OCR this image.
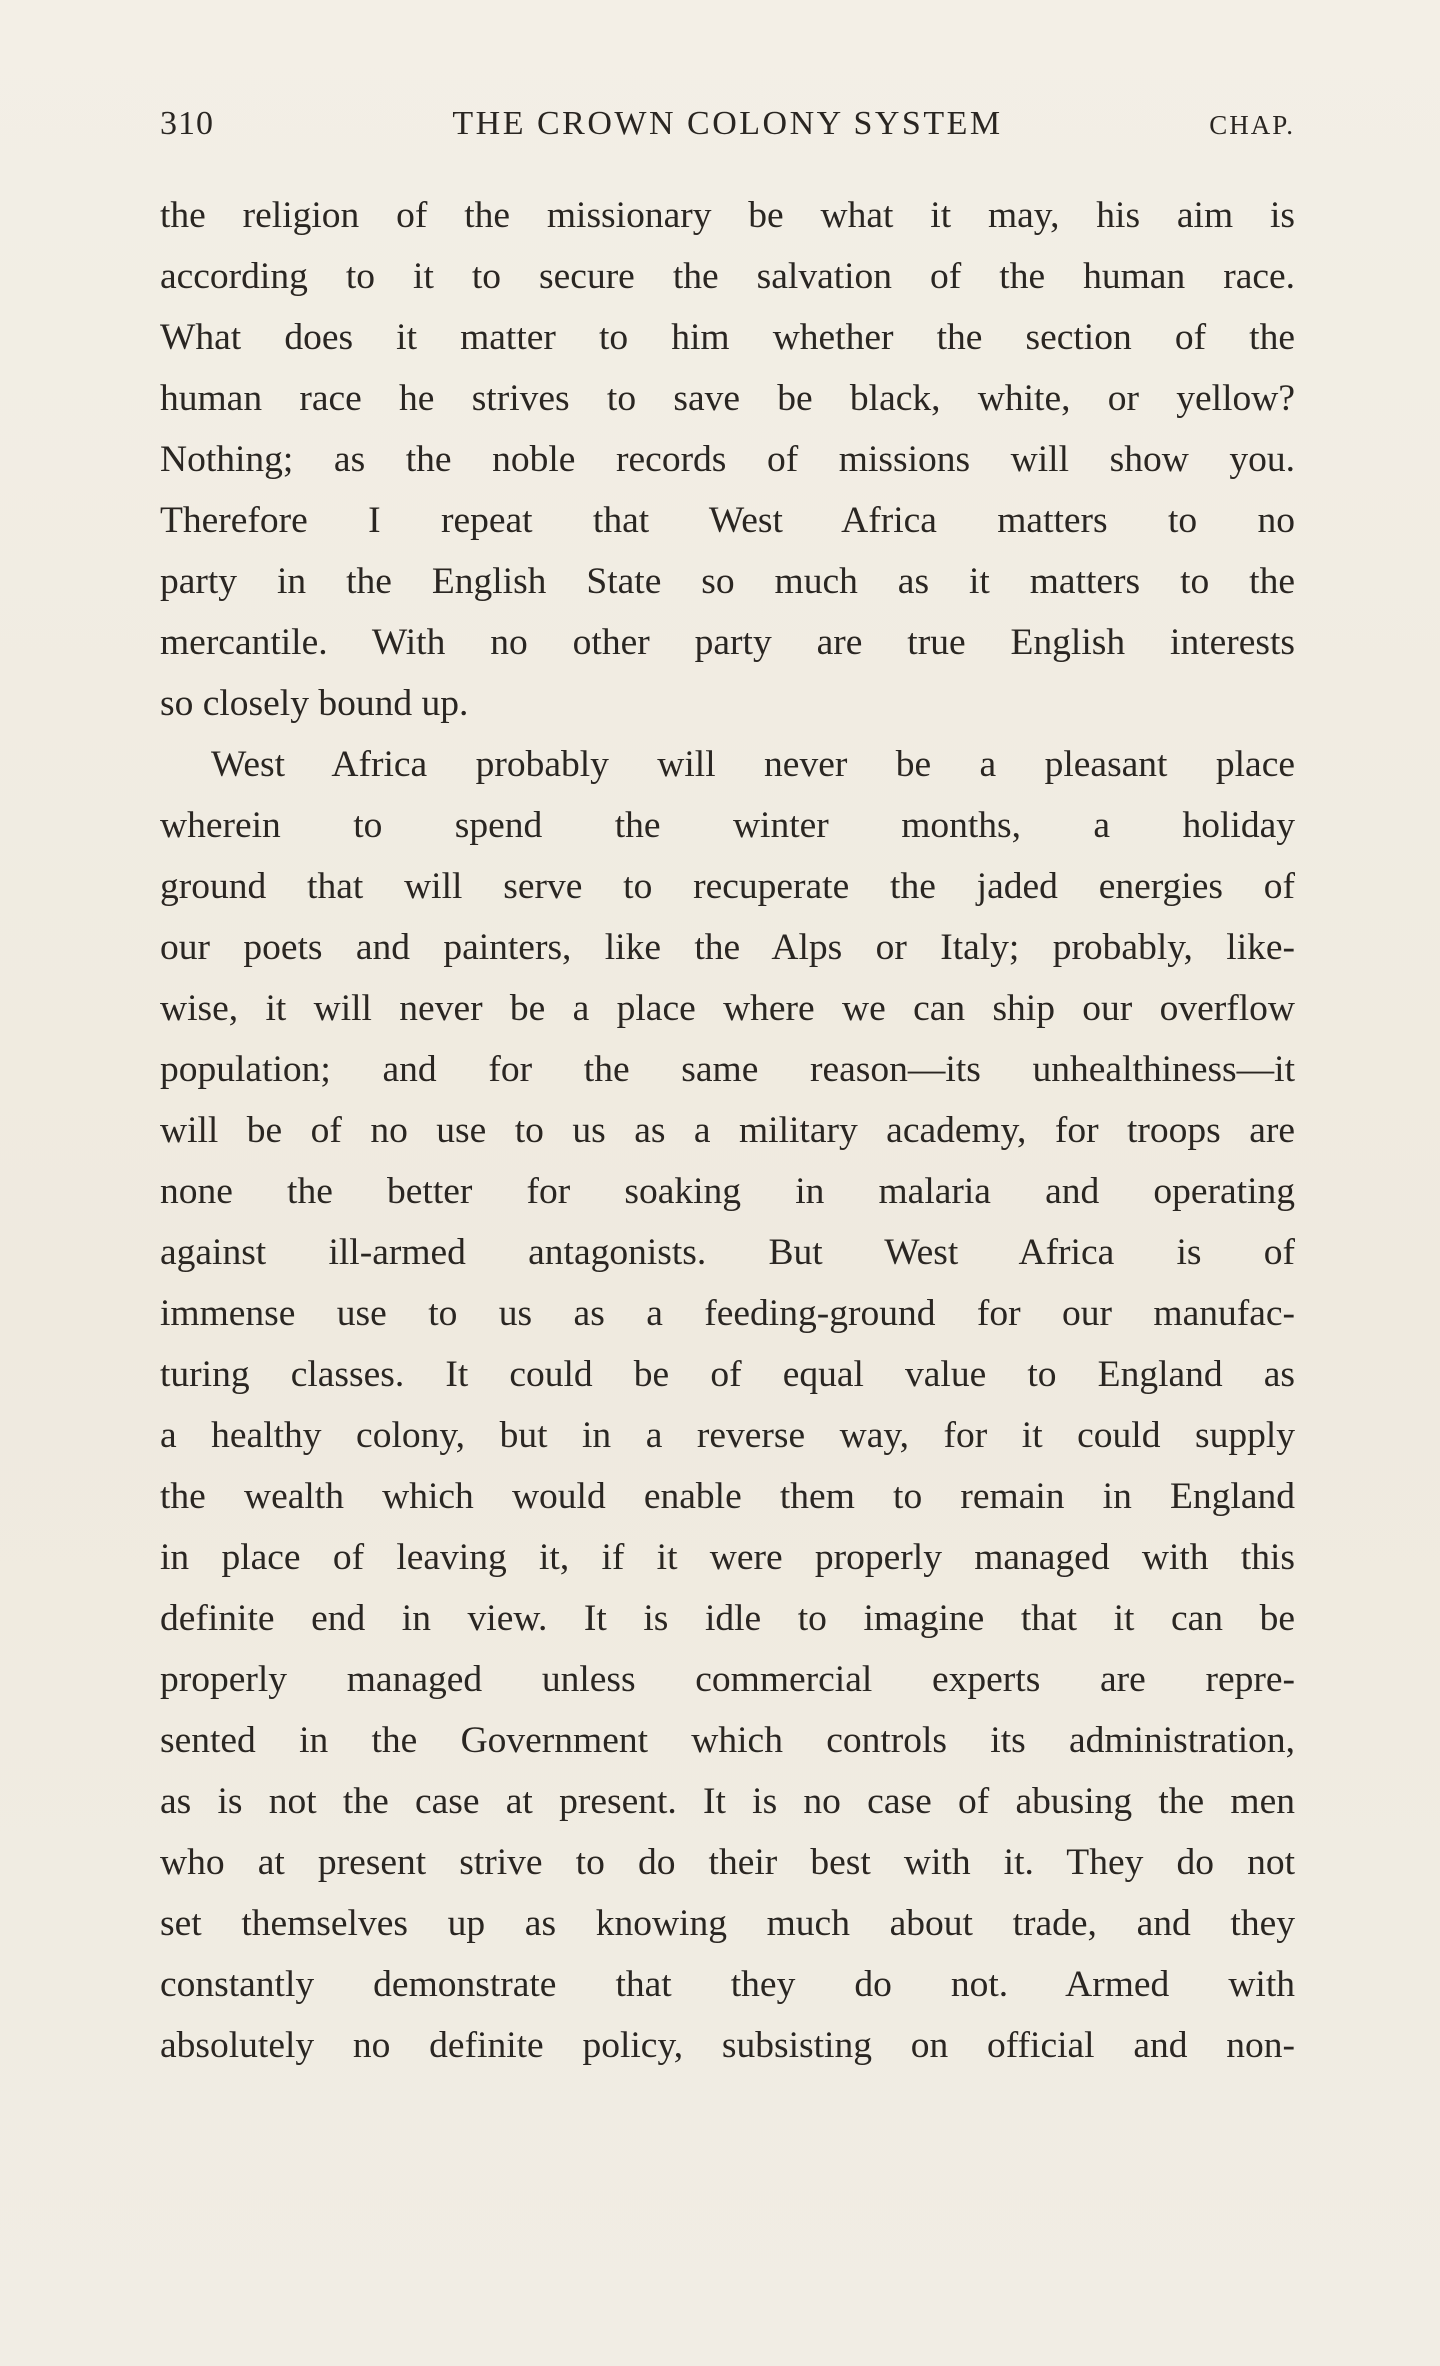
310	THE CROWN COLONY SYSTEM	CHAP.
the religion of the missionary be what it may, his aim is
according to it to secure the salvation of the human race.
What does it matter to him whether the section of the
human race he strives to save be black, white, or yellow?
Nothing; as the noble records of missions will show you.
Therefore I repeat that West Africa matters to no
party in the English State so much as it matters to the
mercantile. With no other party are true English interests
so closely bound up.
West Africa probably will never be a pleasant place
wherein to spend the winter months, a holiday
ground that will serve to recuperate the jaded energies of
our poets and painters, like the Alps or Italy; probably, like-
wise, it will never be a place where we can ship our overflow
population; and for the same reason—its unhealthiness—it
will be of no use to us as a military academy, for troops are
none the better for soaking in malaria and operating
against ill-armed antagonists. But West Africa is of
immense use to us as a feeding-ground for our manufac-
turing classes. It could be of equal value to England as
a healthy colony, but in a reverse way, for it could supply
the wealth which would enable them to remain in England
in place of leaving it, if it were properly managed with this
definite end in view. It is idle to imagine that it can be
properly managed unless commercial experts are repre-
sented in the Government which controls its administration,
as is not the case at present. It is no case of abusing the men
who at present strive to do their best with it. They do not
set themselves up as knowing much about trade, and they
constantly demonstrate that they do not. Armed with
absolutely no definite policy, subsisting on official and non-
